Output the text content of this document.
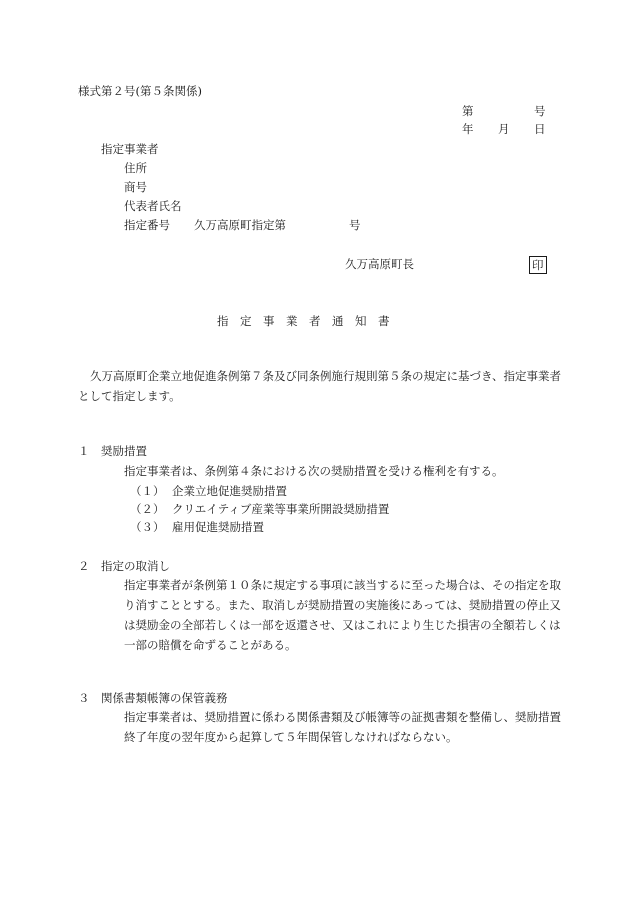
様式第２号(第５条関係)
第	号
年 月 日
指定事業者
住所
商号
代表者氏名
指定番号 久万高原町指定第	号
久万高原町長	印
指　定　事　業　者　通　知　書
久万高原町企業立地促進条例第７条及び同条例施行規則第５条の規定に基づき、指定事業者として指定します。
１ 奨励措置
指定事業者は、条例第４条における次の奨励措置を受ける権利を有する。
（１） 企業立地促進奨励措置
（２） クリエイティブ産業等事業所開設奨励措置
（３） 雇用促進奨励措置
２ 指定の取消し
指定事業者が条例第１０条に規定する事項に該当するに至った場合は、その指定を取り消すこととする。また、取消しが奨励措置の実施後にあっては、奨励措置の停止又は奨励金の全部若しくは一部を返還させ、又はこれにより生じた損害の全額若しくは一部の賠償を命ずることがある。
３ 関係書類帳簿の保管義務
指定事業者は、奨励措置に係わる関係書類及び帳簿等の証拠書類を整備し、奨励措置終了年度の翌年度から起算して５年間保管しなければならない。
